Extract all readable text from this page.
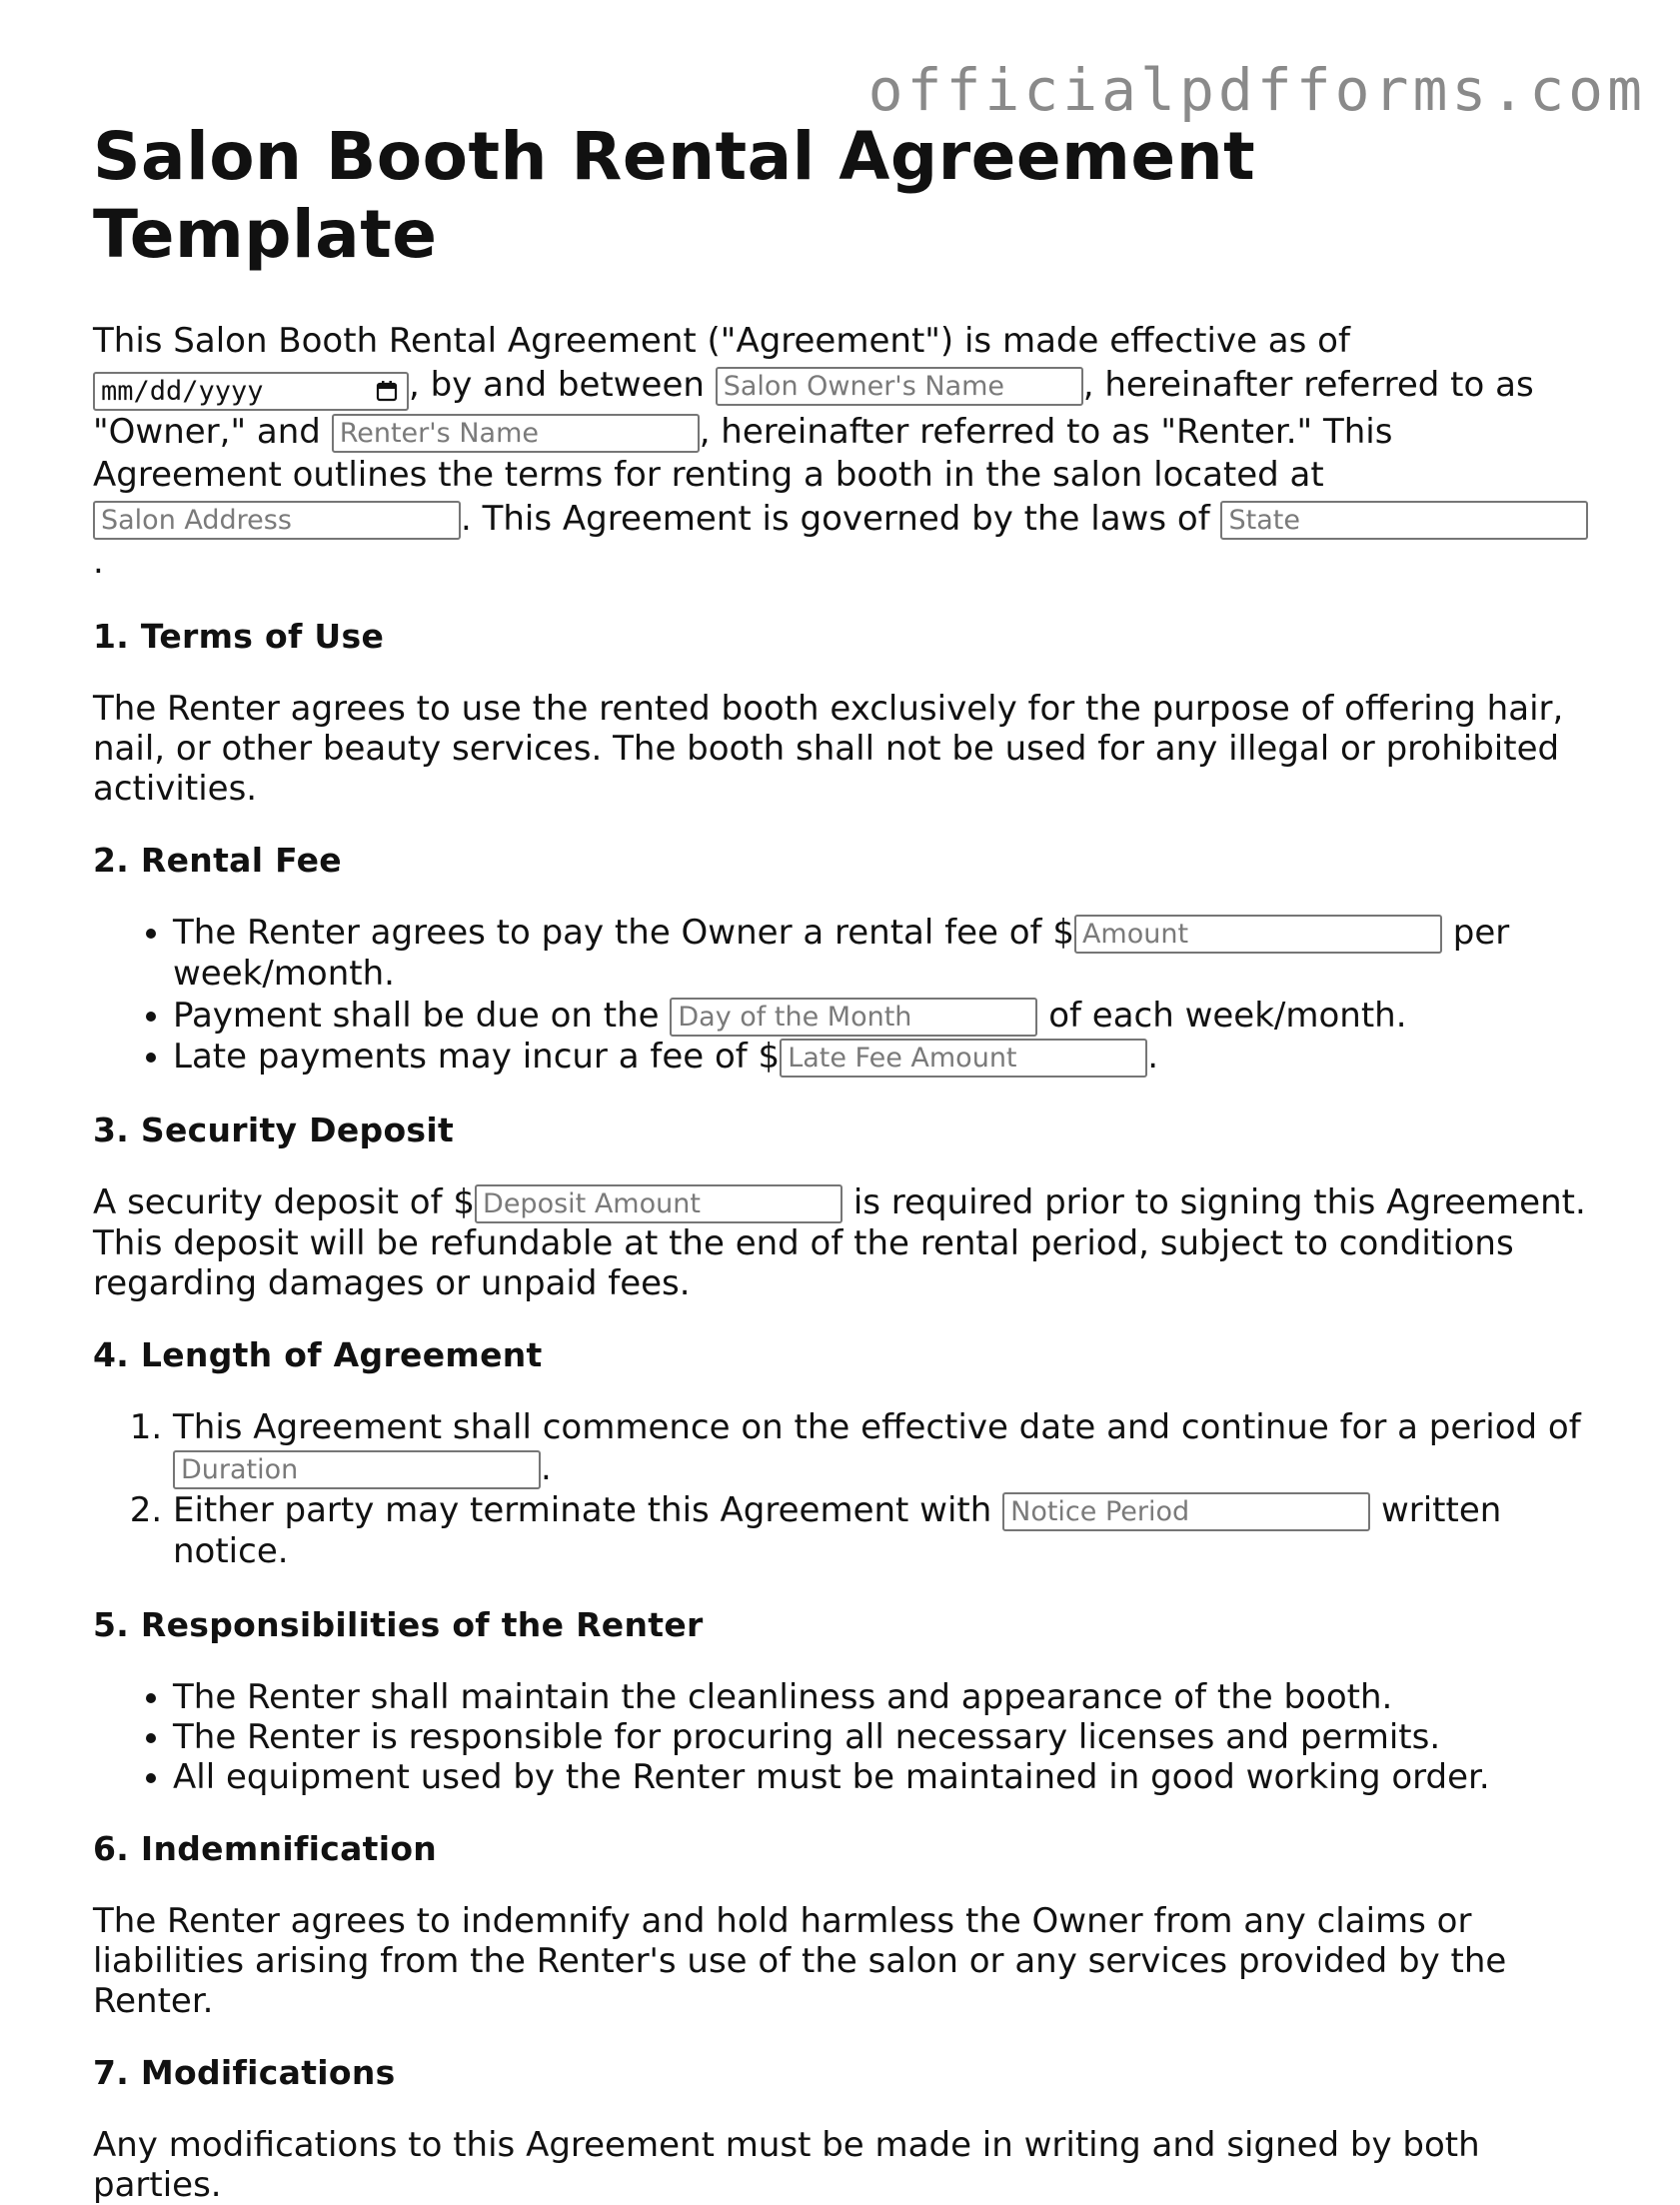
officialpdfforms.com
Salon Booth Rental Agreement Template

This Salon Booth Rental Agreement ("Agreement") is made effective as of
mm/dd/yyyy	, by and between Salon Owner's Name	, hereinafter referred to as "Owner," and Renter's Name	, hereinafter referred to as "Renter." This Agreement outlines the terms for renting a booth in the salon located at Salon Address. This Agreement is governed by the laws of State.

1. Terms of Use

The Renter agrees to use the rented booth exclusively for the purpose of offering hair, nail, or other beauty services. The booth shall not be used for any illegal or prohibited activities.

2. Rental Fee
• The Renter agrees to pay the Owner a rental fee of $Amount	per week/month.
• Payment shall be due on the Day of the Month	of each week/month.
• Late payments may incur a fee of $Late Fee Amount	.
3. Security Deposit

A security deposit of $Deposit Amount	is required prior to signing this Agreement. This deposit will be refundable at the end of the rental period, subject to conditions regarding damages or unpaid fees.

4. Length of Agreement
1. This Agreement shall commence on the effective date and continue for a period of Duration.
2. Either party may terminate this Agreement with Notice Period	written notice.
5. Responsibilities of the Renter
• The Renter shall maintain the cleanliness and appearance of the booth.
• The Renter is responsible for procuring all necessary licenses and permits.
• All equipment used by the Renter must be maintained in good working order.
6. Indemnification

The Renter agrees to indemnify and hold harmless the Owner from any claims or liabilities arising from the Renter's use of the salon or any services provided by the Renter.

7. Modifications

Any modifications to this Agreement must be made in writing and signed by both parties.
